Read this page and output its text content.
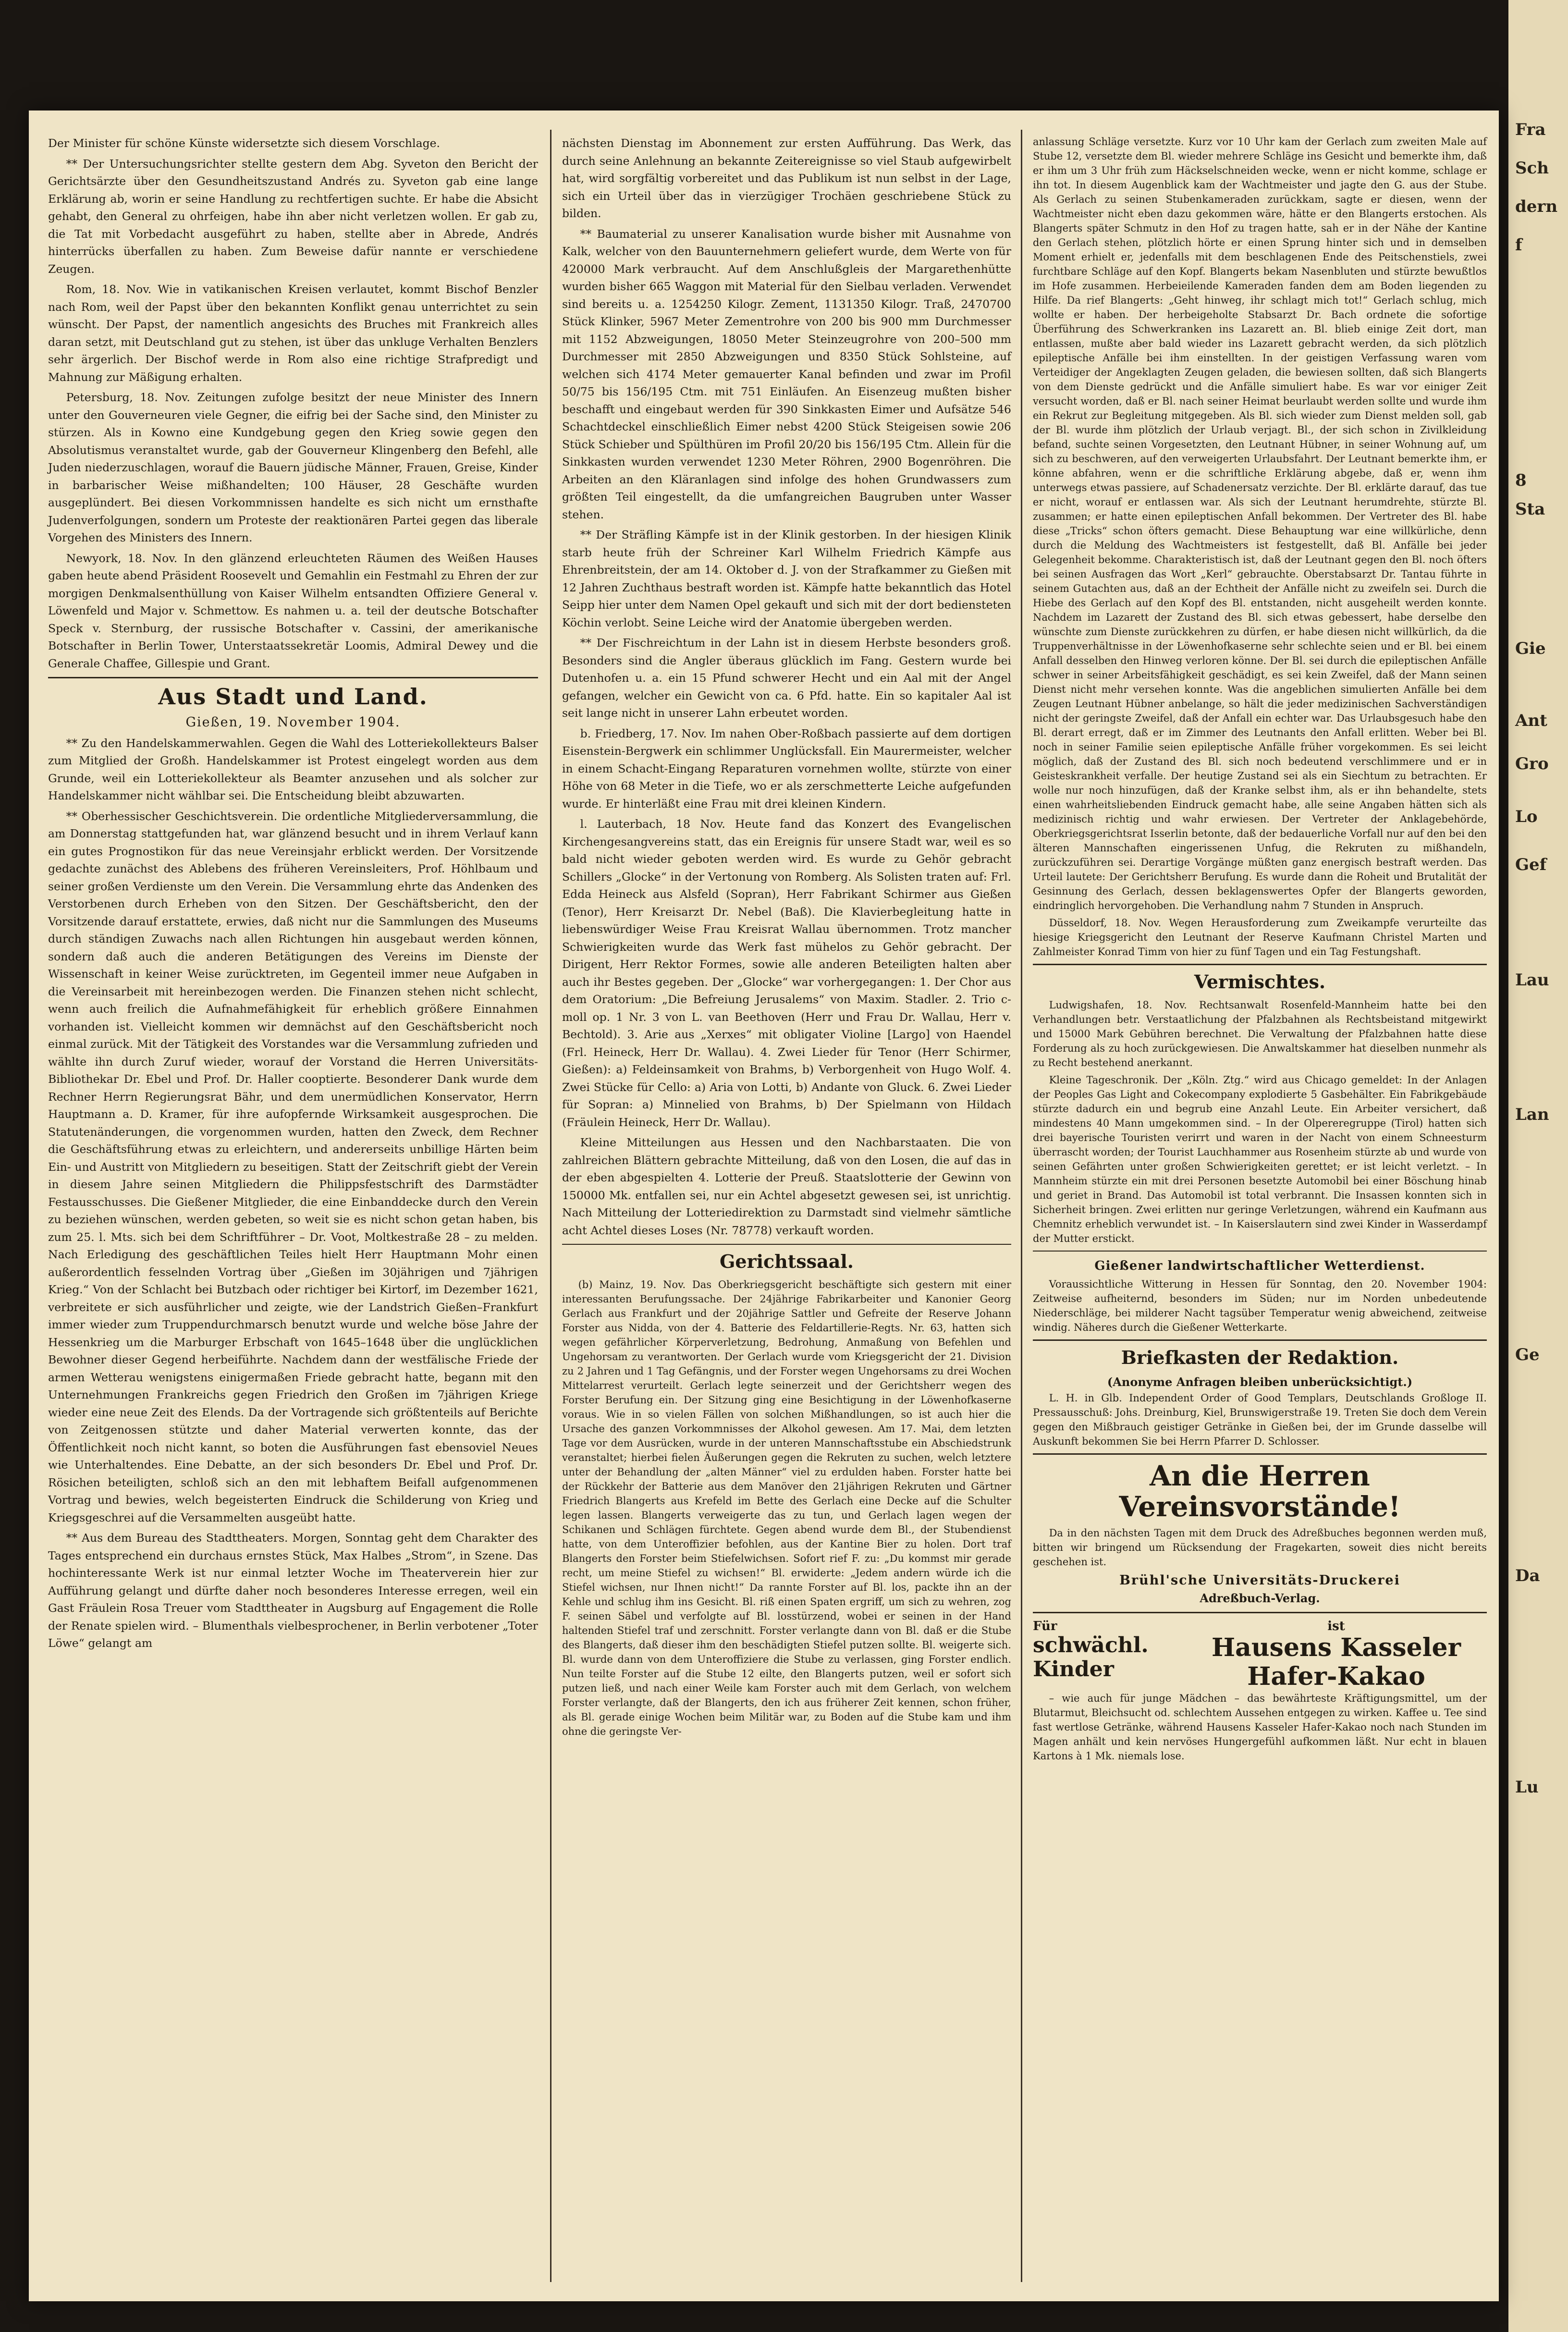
Fra
Sch
dern
f
8
Sta
Gie
Ant
Gro
Lo
Gef
Lau
Lan
Ge
Da
Lu

Der Minister für schöne Künste widersetzte sich diesem Vorschlage.

** Der Untersuchungsrichter stellte gestern dem Abg. Syveton den Bericht der Gerichtsärzte über den Gesundheitszustand Andrés zu. Syveton gab eine lange Erklärung ab, worin er seine Handlung zu rechtfertigen suchte. Er habe die Absicht gehabt, den General zu ohrfeigen, habe ihn aber nicht verletzen wollen. Er gab zu, die Tat mit Vorbedacht ausgeführt zu haben, stellte aber in Abrede, Andrés hinterrücks überfallen zu haben. Zum Beweise dafür nannte er verschiedene Zeugen.

Rom, 18. Nov. Wie in vatikanischen Kreisen verlautet, kommt Bischof Benzler nach Rom, weil der Papst über den bekannten Konflikt genau unterrichtet zu sein wünscht. Der Papst, der namentlich angesichts des Bruches mit Frankreich alles daran setzt, mit Deutschland gut zu stehen, ist über das unkluge Verhalten Benzlers sehr ärgerlich. Der Bischof werde in Rom also eine richtige Strafpredigt und Mahnung zur Mäßigung erhalten.

Petersburg, 18. Nov. Zeitungen zufolge besitzt der neue Minister des Innern unter den Gouverneuren viele Gegner, die eifrig bei der Sache sind, den Minister zu stürzen. Als in Kowno eine Kundgebung gegen den Krieg sowie gegen den Absolutismus veranstaltet wurde, gab der Gouverneur Klingenberg den Befehl, alle Juden niederzuschlagen, worauf die Bauern jüdische Männer, Frauen, Greise, Kinder in barbarischer Weise mißhandelten; 100 Häuser, 28 Geschäfte wurden ausgeplündert. Bei diesen Vorkommnissen handelte es sich nicht um ernsthafte Judenverfolgungen, sondern um Proteste der reaktionären Partei gegen das liberale Vorgehen des Ministers des Innern.

Newyork, 18. Nov. In den glänzend erleuchteten Räumen des Weißen Hauses gaben heute abend Präsident Roosevelt und Gemahlin ein Festmahl zu Ehren der zur morgigen Denkmalsenthüllung von Kaiser Wilhelm entsandten Offiziere General v. Löwenfeld und Major v. Schmettow. Es nahmen u. a. teil der deutsche Botschafter Speck v. Sternburg, der russische Botschafter v. Cassini, der amerikanische Botschafter in Berlin Tower, Unterstaatssekretär Loomis, Admiral Dewey und die Generale Chaffee, Gillespie und Grant.

Aus Stadt und Land.
Gießen, 19. November 1904.

** Zu den Handelskammerwahlen. Gegen die Wahl des Lotteriekollekteurs Balser zum Mitglied der Großh. Handelskammer ist Protest eingelegt worden aus dem Grunde, weil ein Lotteriekollekteur als Beamter anzusehen und als solcher zur Handelskammer nicht wählbar sei. Die Entscheidung bleibt abzuwarten.

** Oberhessischer Geschichtsverein. Die ordentliche Mitgliederversammlung, die am Donnerstag stattgefunden hat, war glänzend besucht und in ihrem Verlauf kann ein gutes Prognostikon für das neue Vereinsjahr erblickt werden. Der Vorsitzende gedachte zunächst des Ablebens des früheren Vereinsleiters, Prof. Höhlbaum und seiner großen Verdienste um den Verein. Die Versammlung ehrte das Andenken des Verstorbenen durch Erheben von den Sitzen. Der Geschäftsbericht, den der Vorsitzende darauf erstattete, erwies, daß nicht nur die Sammlungen des Museums durch ständigen Zuwachs nach allen Richtungen hin ausgebaut werden können, sondern daß auch die anderen Betätigungen des Vereins im Dienste der Wissenschaft in keiner Weise zurücktreten, im Gegenteil immer neue Aufgaben in die Vereinsarbeit mit hereinbezogen werden. Die Finanzen stehen nicht schlecht, wenn auch freilich die Aufnahmefähigkeit für erheblich größere Einnahmen vorhanden ist. Vielleicht kommen wir demnächst auf den Geschäftsbericht noch einmal zurück. Mit der Tätigkeit des Vorstandes war die Versammlung zufrieden und wählte ihn durch Zuruf wieder, worauf der Vorstand die Herren Universitäts-Bibliothekar Dr. Ebel und Prof. Dr. Haller cooptierte. Besonderer Dank wurde dem Rechner Herrn Regierungsrat Bähr, und dem unermüdlichen Konservator, Herrn Hauptmann a. D. Kramer, für ihre aufopfernde Wirksamkeit ausgesprochen. Die Statutenänderungen, die vorgenommen wurden, hatten den Zweck, dem Rechner die Geschäftsführung etwas zu erleichtern, und andererseits unbillige Härten beim Ein- und Austritt von Mitgliedern zu beseitigen. Statt der Zeitschrift giebt der Verein in diesem Jahre seinen Mitgliedern die Philippsfestschrift des Darmstädter Festausschusses. Die Gießener Mitglieder, die eine Einbanddecke durch den Verein zu beziehen wünschen, werden gebeten, so weit sie es nicht schon getan haben, bis zum 25. l. Mts. sich bei dem Schriftführer – Dr. Voot, Moltkestraße 28 – zu melden. Nach Erledigung des geschäftlichen Teiles hielt Herr Hauptmann Mohr einen außerordentlich fesselnden Vortrag über „Gießen im 30jährigen und 7jährigen Krieg.“ Von der Schlacht bei Butzbach oder richtiger bei Kirtorf, im Dezember 1621, verbreitete er sich ausführlicher und zeigte, wie der Landstrich Gießen–Frankfurt immer wieder zum Truppendurchmarsch benutzt wurde und welche böse Jahre der Hessenkrieg um die Marburger Erbschaft von 1645–1648 über die unglücklichen Bewohner dieser Gegend herbeiführte. Nachdem dann der westfälische Friede der armen Wetterau wenigstens einigermaßen Friede gebracht hatte, begann mit den Unternehmungen Frankreichs gegen Friedrich den Großen im 7jährigen Kriege wieder eine neue Zeit des Elends. Da der Vortragende sich größtenteils auf Berichte von Zeitgenossen stützte und daher Material verwerten konnte, das der Öffentlichkeit noch nicht kannt, so boten die Ausführungen fast ebensoviel Neues wie Unterhaltendes. Eine Debatte, an der sich besonders Dr. Ebel und Prof. Dr. Rösichen beteiligten, schloß sich an den mit lebhaftem Beifall aufgenommenen Vortrag und bewies, welch begeisterten Eindruck die Schilderung von Krieg und Kriegsgeschrei auf die Versammelten ausgeübt hatte.

** Aus dem Bureau des Stadttheaters. Morgen, Sonntag geht dem Charakter des Tages entsprechend ein durchaus ernstes Stück, Max Halbes „Strom“, in Szene. Das hochinteressante Werk ist nur einmal letzter Woche im Theaterverein hier zur Aufführung gelangt und dürfte daher noch besonderes Interesse erregen, weil ein Gast Fräulein Rosa Treuer vom Stadttheater in Augsburg auf Engagement die Rolle der Renate spielen wird. – Blumenthals vielbesprochener, in Berlin verbotener „Toter Löwe“ gelangt am

nächsten Dienstag im Abonnement zur ersten Aufführung. Das Werk, das durch seine Anlehnung an bekannte Zeitereignisse so viel Staub aufgewirbelt hat, wird sorgfältig vorbereitet und das Publikum ist nun selbst in der Lage, sich ein Urteil über das in vierzügiger Trochäen geschriebene Stück zu bilden.

** Baumaterial zu unserer Kanalisation wurde bisher mit Ausnahme von Kalk, welcher von den Bauunternehmern geliefert wurde, dem Werte von für 420000 Mark verbraucht. Auf dem Anschlußgleis der Margarethenhütte wurden bisher 665 Waggon mit Material für den Sielbau verladen. Verwendet sind bereits u. a. 1254250 Kilogr. Zement, 1131350 Kilogr. Traß, 2470700 Stück Klinker, 5967 Meter Zementrohre von 200 bis 900 mm Durchmesser mit 1152 Abzweigungen, 18050 Meter Steinzeugrohre von 200–500 mm Durchmesser mit 2850 Abzweigungen und 8350 Stück Sohlsteine, auf welchen sich 4174 Meter gemauerter Kanal befinden und zwar im Profil 50/75 bis 156/195 Ctm. mit 751 Einläufen. An Eisenzeug mußten bisher beschafft und eingebaut werden für 390 Sinkkasten Eimer und Aufsätze 546 Schachtdeckel einschließlich Eimer nebst 4200 Stück Steigeisen sowie 206 Stück Schieber und Spülthüren im Profil 20/20 bis 156/195 Ctm. Allein für die Sinkkasten wurden verwendet 1230 Meter Röhren, 2900 Bogenröhren. Die Arbeiten an den Kläranlagen sind infolge des hohen Grundwassers zum größten Teil eingestellt, da die umfangreichen Baugruben unter Wasser stehen.

** Der Sträfling Kämpfe ist in der Klinik gestorben. In der hiesigen Klinik starb heute früh der Schreiner Karl Wilhelm Friedrich Kämpfe aus Ehrenbreitstein, der am 14. Oktober d. J. von der Strafkammer zu Gießen mit 12 Jahren Zuchthaus bestraft worden ist. Kämpfe hatte bekanntlich das Hotel Seipp hier unter dem Namen Opel gekauft und sich mit der dort bediensteten Köchin verlobt. Seine Leiche wird der Anatomie übergeben werden.

** Der Fischreichtum in der Lahn ist in diesem Herbste besonders groß. Besonders sind die Angler überaus glücklich im Fang. Gestern wurde bei Dutenhofen u. a. ein 15 Pfund schwerer Hecht und ein Aal mit der Angel gefangen, welcher ein Gewicht von ca. 6 Pfd. hatte. Ein so kapitaler Aal ist seit lange nicht in unserer Lahn erbeutet worden.

b. Friedberg, 17. Nov. Im nahen Ober-Roßbach passierte auf dem dortigen Eisenstein-Bergwerk ein schlimmer Unglücksfall. Ein Maurermeister, welcher in einem Schacht-Eingang Reparaturen vornehmen wollte, stürzte von einer Höhe von 68 Meter in die Tiefe, wo er als zerschmetterte Leiche aufgefunden wurde. Er hinterläßt eine Frau mit drei kleinen Kindern.

l. Lauterbach, 18 Nov. Heute fand das Konzert des Evangelischen Kirchengesangvereins statt, das ein Ereignis für unsere Stadt war, weil es so bald nicht wieder geboten werden wird. Es wurde zu Gehör gebracht Schillers „Glocke“ in der Vertonung von Romberg. Als Solisten traten auf: Frl. Edda Heineck aus Alsfeld (Sopran), Herr Fabrikant Schirmer aus Gießen (Tenor), Herr Kreisarzt Dr. Nebel (Baß). Die Klavierbegleitung hatte in liebenswürdiger Weise Frau Kreisrat Wallau übernommen. Trotz mancher Schwierigkeiten wurde das Werk fast mühelos zu Gehör gebracht. Der Dirigent, Herr Rektor Formes, sowie alle anderen Beteiligten halten aber auch ihr Bestes gegeben. Der „Glocke“ war vorhergegangen: 1. Der Chor aus dem Oratorium: „Die Befreiung Jerusalems“ von Maxim. Stadler. 2. Trio c-moll op. 1 Nr. 3 von L. van Beethoven (Herr und Frau Dr. Wallau, Herr v. Bechtold). 3. Arie aus „Xerxes“ mit obligater Violine [Largo] von Haendel (Frl. Heineck, Herr Dr. Wallau). 4. Zwei Lieder für Tenor (Herr Schirmer, Gießen): a) Feldeinsamkeit von Brahms, b) Verborgenheit von Hugo Wolf. 4. Zwei Stücke für Cello: a) Aria von Lotti, b) Andante von Gluck. 6. Zwei Lieder für Sopran: a) Minnelied von Brahms, b) Der Spielmann von Hildach (Fräulein Heineck, Herr Dr. Wallau).

Kleine Mitteilungen aus Hessen und den Nachbarstaaten. Die von zahlreichen Blättern gebrachte Mitteilung, daß von den Losen, die auf das in der eben abgespielten 4. Lotterie der Preuß. Staatslotterie der Gewinn von 150000 Mk. entfallen sei, nur ein Achtel abgesetzt gewesen sei, ist unrichtig. Nach Mitteilung der Lotteriedirektion zu Darmstadt sind vielmehr sämtliche acht Achtel dieses Loses (Nr. 78778) verkauft worden.

Gerichtssaal.

(b) Mainz, 19. Nov. Das Oberkriegsgericht beschäftigte sich gestern mit einer interessanten Berufungssache. Der 24jährige Fabrikarbeiter und Kanonier Georg Gerlach aus Frankfurt und der 20jährige Sattler und Gefreite der Reserve Johann Forster aus Nidda, von der 4. Batterie des Feldartillerie-Regts. Nr. 63, hatten sich wegen gefährlicher Körperverletzung, Bedrohung, Anmaßung von Befehlen und Ungehorsam zu verantworten. Der Gerlach wurde vom Kriegsgericht der 21. Division zu 2 Jahren und 1 Tag Gefängnis, und der Forster wegen Ungehorsams zu drei Wochen Mittelarrest verurteilt. Gerlach legte seinerzeit und der Gerichtsherr wegen des Forster Berufung ein. Der Sitzung ging eine Besichtigung in der Löwenhofkaserne voraus. Wie in so vielen Fällen von solchen Mißhandlungen, so ist auch hier die Ursache des ganzen Vorkommnisses der Alkohol gewesen. Am 17. Mai, dem letzten Tage vor dem Ausrücken, wurde in der unteren Mannschaftsstube ein Abschiedstrunk veranstaltet; hierbei fielen Äußerungen gegen die Rekruten zu suchen, welch letztere unter der Behandlung der „alten Männer“ viel zu erdulden haben. Forster hatte bei der Rückkehr der Batterie aus dem Manöver den 21jährigen Rekruten und Gärtner Friedrich Blangerts aus Krefeld im Bette des Gerlach eine Decke auf die Schulter legen lassen. Blangerts verweigerte das zu tun, und Gerlach lagen wegen der Schikanen und Schlägen fürchtete. Gegen abend wurde dem Bl., der Stubendienst hatte, von dem Unteroffizier befohlen, aus der Kantine Bier zu holen. Dort traf Blangerts den Forster beim Stiefelwichsen. Sofort rief F. zu: „Du kommst mir gerade recht, um meine Stiefel zu wichsen!“ Bl. erwiderte: „Jedem andern würde ich die Stiefel wichsen, nur Ihnen nicht!“ Da rannte Forster auf Bl. los, packte ihn an der Kehle und schlug ihm ins Gesicht. Bl. riß einen Spaten ergriff, um sich zu wehren, zog F. seinen Säbel und verfolgte auf Bl. losstürzend, wobei er seinen in der Hand haltenden Stiefel traf und zerschnitt. Forster verlangte dann von Bl. daß er die Stube des Blangerts, daß dieser ihm den beschädigten Stiefel putzen sollte. Bl. weigerte sich. Bl. wurde dann von dem Unteroffiziere die Stube zu verlassen, ging Forster endlich. Nun teilte Forster auf die Stube 12 eilte, den Blangerts putzen, weil er sofort sich putzen ließ, und nach einer Weile kam Forster auch mit dem Gerlach, von welchem Forster verlangte, daß der Blangerts, den ich aus früherer Zeit kennen, schon früher, als Bl. gerade einige Wochen beim Militär war, zu Boden auf die Stube kam und ihm ohne die geringste Ver-

anlassung Schläge versetzte. Kurz vor 10 Uhr kam der Gerlach zum zweiten Male auf Stube 12, versetzte dem Bl. wieder mehrere Schläge ins Gesicht und bemerkte ihm, daß er ihm um 3 Uhr früh zum Häckselschneiden wecke, wenn er nicht komme, schlage er ihn tot. In diesem Augenblick kam der Wachtmeister und jagte den G. aus der Stube. Als Gerlach zu seinen Stubenkameraden zurückkam, sagte er diesen, wenn der Wachtmeister nicht eben dazu gekommen wäre, hätte er den Blangerts erstochen. Als Blangerts später Schmutz in den Hof zu tragen hatte, sah er in der Nähe der Kantine den Gerlach stehen, plötzlich hörte er einen Sprung hinter sich und in demselben Moment erhielt er, jedenfalls mit dem beschlagenen Ende des Peitschenstiels, zwei furchtbare Schläge auf den Kopf. Blangerts bekam Nasenbluten und stürzte bewußtlos im Hofe zusammen. Herbeieilende Kameraden fanden dem am Boden liegenden zu Hilfe. Da rief Blangerts: „Geht hinweg, ihr schlagt mich tot!“ Gerlach schlug, mich wollte er haben. Der herbeigeholte Stabsarzt Dr. Bach ordnete die sofortige Überführung des Schwerkranken ins Lazarett an. Bl. blieb einige Zeit dort, man entlassen, mußte aber bald wieder ins Lazarett gebracht werden, da sich plötzlich epileptische Anfälle bei ihm einstellten. In der geistigen Verfassung waren vom Verteidiger der Angeklagten Zeugen geladen, die bewiesen sollten, daß sich Blangerts von dem Dienste gedrückt und die Anfälle simuliert habe. Es war vor einiger Zeit versucht worden, daß er Bl. nach seiner Heimat beurlaubt werden sollte und wurde ihm ein Rekrut zur Begleitung mitgegeben. Als Bl. sich wieder zum Dienst melden soll, gab der Bl. wurde ihm plötzlich der Urlaub verjagt. Bl., der sich schon in Zivilkleidung befand, suchte seinen Vorgesetzten, den Leutnant Hübner, in seiner Wohnung auf, um sich zu beschweren, auf den verweigerten Urlaubsfahrt. Der Leutnant bemerkte ihm, er könne abfahren, wenn er die schriftliche Erklärung abgebe, daß er, wenn ihm unterwegs etwas passiere, auf Schadenersatz verzichte. Der Bl. erklärte darauf, das tue er nicht, worauf er entlassen war. Als sich der Leutnant herumdrehte, stürzte Bl. zusammen; er hatte einen epileptischen Anfall bekommen. Der Vertreter des Bl. habe diese „Tricks“ schon öfters gemacht. Diese Behauptung war eine willkürliche, denn durch die Meldung des Wachtmeisters ist festgestellt, daß Bl. Anfälle bei jeder Gelegenheit bekomme. Charakteristisch ist, daß der Leutnant gegen den Bl. noch öfters bei seinen Ausfragen das Wort „Kerl“ gebrauchte. Oberstabsarzt Dr. Tantau führte in seinem Gutachten aus, daß an der Echtheit der Anfälle nicht zu zweifeln sei. Durch die Hiebe des Gerlach auf den Kopf des Bl. entstanden, nicht ausgeheilt werden konnte. Nachdem im Lazarett der Zustand des Bl. sich etwas gebessert, habe derselbe den wünschte zum Dienste zurückkehren zu dürfen, er habe diesen nicht willkürlich, da die Truppenverhältnisse in der Löwenhofkaserne sehr schlechte seien und er Bl. bei einem Anfall desselben den Hinweg verloren könne. Der Bl. sei durch die epileptischen Anfälle schwer in seiner Arbeitsfähigkeit geschädigt, es sei kein Zweifel, daß der Mann seinen Dienst nicht mehr versehen konnte. Was die angeblichen simulierten Anfälle bei dem Zeugen Leutnant Hübner anbelange, so hält die jeder medizinischen Sachverständigen nicht der geringste Zweifel, daß der Anfall ein echter war. Das Urlaubsgesuch habe den Bl. derart erregt, daß er im Zimmer des Leutnants den Anfall erlitten. Weber bei Bl. noch in seiner Familie seien epileptische Anfälle früher vorgekommen. Es sei leicht möglich, daß der Zustand des Bl. sich noch bedeutend verschlimmere und er in Geisteskrankheit verfalle. Der heutige Zustand sei als ein Siechtum zu betrachten. Er wolle nur noch hinzufügen, daß der Kranke selbst ihm, als er ihn behandelte, stets einen wahrheitsliebenden Eindruck gemacht habe, alle seine Angaben hätten sich als medizinisch richtig und wahr erwiesen. Der Vertreter der Anklagebehörde, Oberkriegsgerichtsrat Isserlin betonte, daß der bedauerliche Vorfall nur auf den bei den älteren Mannschaften eingerissenen Unfug, die Rekruten zu mißhandeln, zurückzuführen sei. Derartige Vorgänge müßten ganz energisch bestraft werden. Das Urteil lautete: Der Gerichtsherr Berufung. Es wurde dann die Roheit und Brutalität der Gesinnung des Gerlach, dessen beklagenswertes Opfer der Blangerts geworden, eindringlich hervorgehoben. Die Verhandlung nahm 7 Stunden in Anspruch.

Düsseldorf, 18. Nov. Wegen Herausforderung zum Zweikampfe verurteilte das hiesige Kriegsgericht den Leutnant der Reserve Kaufmann Christel Marten und Zahlmeister Konrad Timm von hier zu fünf Tagen und ein Tag Festungshaft.

Vermischtes.

Ludwigshafen, 18. Nov. Rechtsanwalt Rosenfeld-Mannheim hatte bei den Verhandlungen betr. Verstaatlichung der Pfalzbahnen als Rechtsbeistand mitgewirkt und 15000 Mark Gebühren berechnet. Die Verwaltung der Pfalzbahnen hatte diese Forderung als zu hoch zurückgewiesen. Die Anwaltskammer hat dieselben nunmehr als zu Recht bestehend anerkannt.

Kleine Tageschronik. Der „Köln. Ztg.“ wird aus Chicago gemeldet: In der Anlagen der Peoples Gas Light and Cokecompany explodierte 5 Gasbehälter. Ein Fabrikgebäude stürzte dadurch ein und begrub eine Anzahl Leute. Ein Arbeiter versichert, daß mindestens 40 Mann umgekommen sind. – In der Olpereregruppe (Tirol) hatten sich drei bayerische Touristen verirrt und waren in der Nacht von einem Schneesturm überrascht worden; der Tourist Lauchhammer aus Rosenheim stürzte ab und wurde von seinen Gefährten unter großen Schwierigkeiten gerettet; er ist leicht verletzt. – In Mannheim stürzte ein mit drei Personen besetzte Automobil bei einer Böschung hinab und geriet in Brand. Das Automobil ist total verbrannt. Die Insassen konnten sich in Sicherheit bringen. Zwei erlitten nur geringe Verletzungen, während ein Kaufmann aus Chemnitz erheblich verwundet ist. – In Kaiserslautern sind zwei Kinder in Wasserdampf der Mutter erstickt.

Gießener landwirtschaftlicher Wetterdienst.

Voraussichtliche Witterung in Hessen für Sonntag, den 20. November 1904: Zeitweise aufheiternd, besonders im Süden; nur im Norden unbedeutende Niederschläge, bei milderer Nacht tagsüber Temperatur wenig abweichend, zeitweise windig. Näheres durch die Gießener Wetterkarte.

Briefkasten der Redaktion.
(Anonyme Anfragen bleiben unberücksichtigt.)

L. H. in Glb. Independent Order of Good Templars, Deutschlands Großloge II. Pressausschuß: Johs. Dreinburg, Kiel, Brunswigerstraße 19. Treten Sie doch dem Verein gegen den Mißbrauch geistiger Getränke in Gießen bei, der im Grunde dasselbe will Auskunft bekommen Sie bei Herrn Pfarrer D. Schlosser.

An die Herren Vereinsvorstände!

Da in den nächsten Tagen mit dem Druck des Adreßbuches begonnen werden muß, bitten wir bringend um Rücksendung der Fragekarten, soweit dies nicht bereits geschehen ist.

Brühl'sche Universitäts-Druckerei
Adreßbuch-Verlag.
Für
schwächl. Kinder
ist
Hausens Kasseler Hafer-Kakao

– wie auch für junge Mädchen – das bewährteste Kräftigungsmittel, um der Blutarmut, Bleichsucht od. schlechtem Aussehen entgegen zu wirken. Kaffee u. Tee sind fast wertlose Getränke, während Hausens Kasseler Hafer-Kakao noch nach Stunden im Magen anhält und kein nervöses Hungergefühl aufkommen läßt. Nur echt in blauen Kartons à 1 Mk. niemals lose.
